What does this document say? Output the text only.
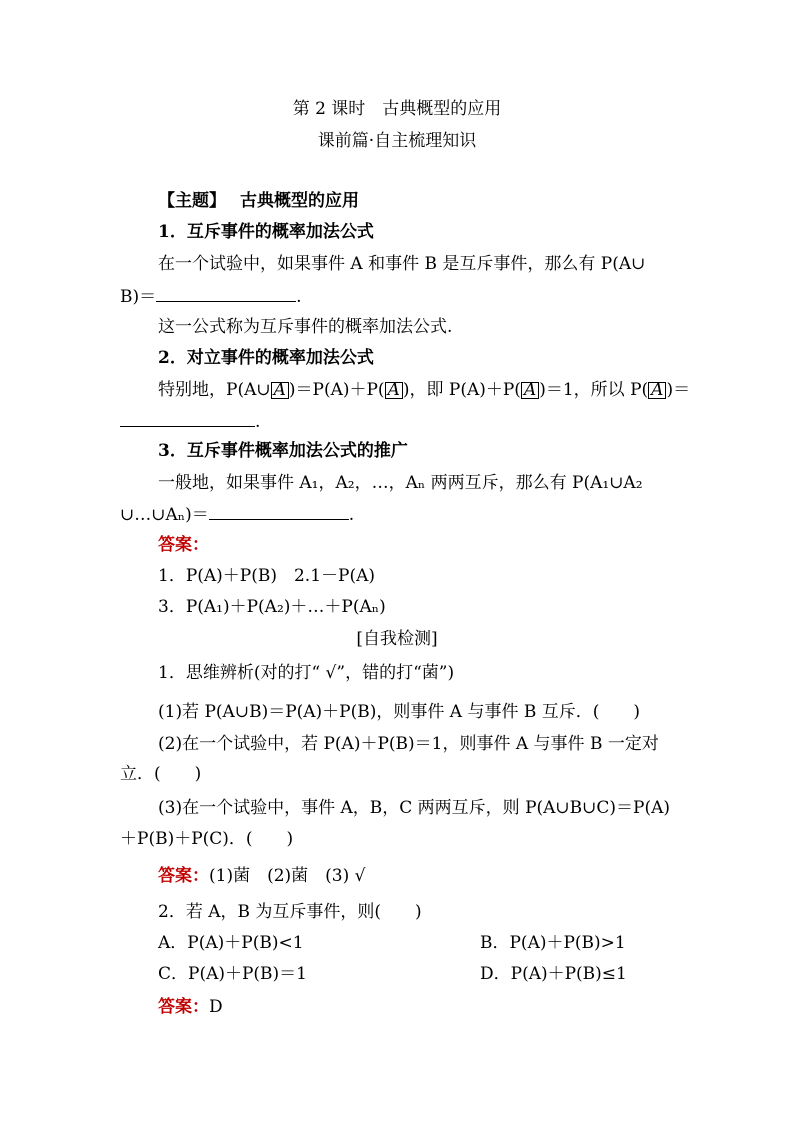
第 2 课时　古典概型的应用
课前篇·自主梳理知识
【主题】 古典概型的应用
1．互斥事件的概率加法公式
在一个试验中，如果事件 A 和事件 B 是互斥事件，那么有 P(A∪
B)＝	.
这一公式称为互斥事件的概率加法公式.
2．对立事件的概率加法公式
特别地，P(A∪ A )＝P(A)＋P( A )，即 P(A)＋P( A )＝1，所以 P( A )＝
.
3．互斥事件概率加法公式的推广
一般地，如果事件 A₁，A₂，…，Aₙ 两两互斥，那么有 P(A₁∪A₂
∪…∪Aₙ)＝	.
答案：
1．P(A)＋P(B)　2.1－P(A)
3．P(A₁)＋P(A₂)＋…＋P(Aₙ)
[自我检测]
1．思维辨析(对的打“ √”，错的打“菌”)
(1)若 P(A∪B)＝P(A)＋P(B)，则事件 A 与事件 B 互斥．(　　)
(2)在一个试验中，若 P(A)＋P(B)＝1，则事件 A 与事件 B 一定对
立．(　　)
(3)在一个试验中，事件 A，B，C 两两互斥，则 P(A∪B∪C)＝P(A)
＋P(B)＋P(C)．(　　)
答案：(1)菌　(2)菌　(3) √
2．若 A，B 为互斥事件，则(　　)
A．P(A)＋P(B)<1	B．P(A)＋P(B)>1
C．P(A)＋P(B)＝1	D．P(A)＋P(B)≤1
答案：D
